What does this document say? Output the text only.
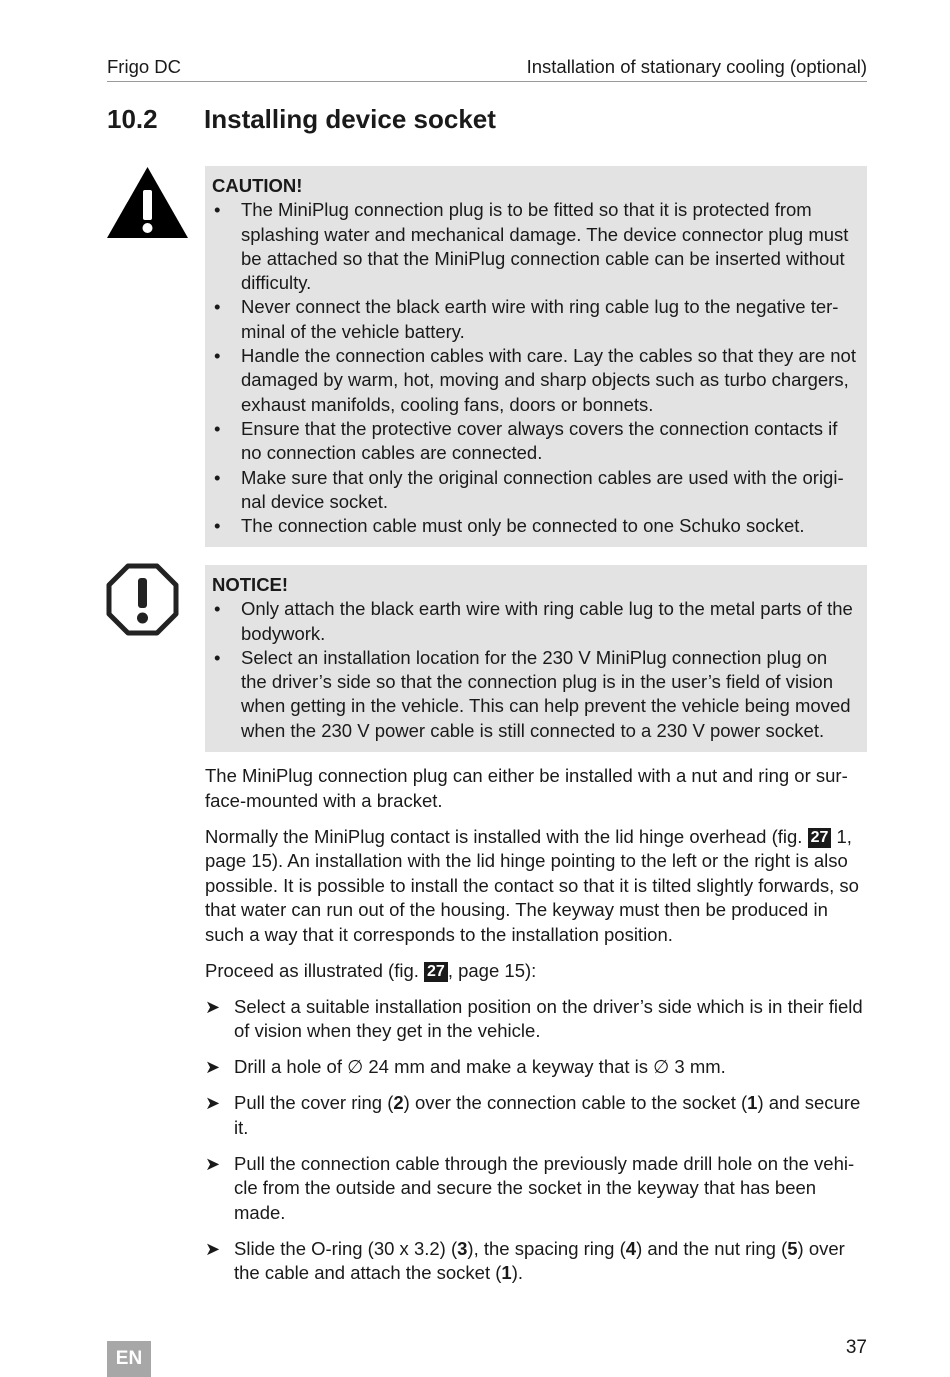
Frigo DC	Installation of stationary cooling (optional)
10.2 Installing device socket
CAUTION!
• The MiniPlug connection plug is to be fitted so that it is protected from splashing water and mechanical damage. The device connector plug must be attached so that the MiniPlug connection cable can be inserted without difficulty.
• Never connect the black earth wire with ring cable lug to the negative ter-minal of the vehicle battery.
• Handle the connection cables with care. Lay the cables so that they are not damaged by warm, hot, moving and sharp objects such as turbo chargers, exhaust manifolds, cooling fans, doors or bonnets.
• Ensure that the protective cover always covers the connection contacts if no connection cables are connected.
• Make sure that only the original connection cables are used with the origi-nal device socket.
• The connection cable must only be connected to one Schuko socket.
NOTICE!
• Only attach the black earth wire with ring cable lug to the metal parts of the bodywork.
• Select an installation location for the 230 V MiniPlug connection plug on the driver’s side so that the connection plug is in the user’s field of vision when getting in the vehicle. This can help prevent the vehicle being moved when the 230 V power cable is still connected to a 230 V power socket.

The MiniPlug connection plug can either be installed with a nut and ring or sur-face-mounted with a bracket.

Normally the MiniPlug contact is installed with the lid hinge overhead (fig. 27 1, page 15). An installation with the lid hinge pointing to the left or the right is also possible. It is possible to install the contact so that it is tilted slightly forwards, so that water can run out of the housing. The keyway must then be produced in such a way that it corresponds to the installation position.

Proceed as illustrated (fig. 27 , page 15):

➤ Select a suitable installation position on the driver’s side which is in their field of vision when they get in the vehicle.
➤ Drill a hole of ∅ 24 mm and make a keyway that is ∅ 3 mm.
➤ Pull the cover ring (2) over the connection cable to the socket (1) and secure it.
➤ Pull the connection cable through the previously made drill hole on the vehi-cle from the outside and secure the socket in the keyway that has been made.
➤ Slide the O-ring (30 x 3.2) (3), the spacing ring (4) and the nut ring (5) over the cable and attach the socket (1).
EN
37
